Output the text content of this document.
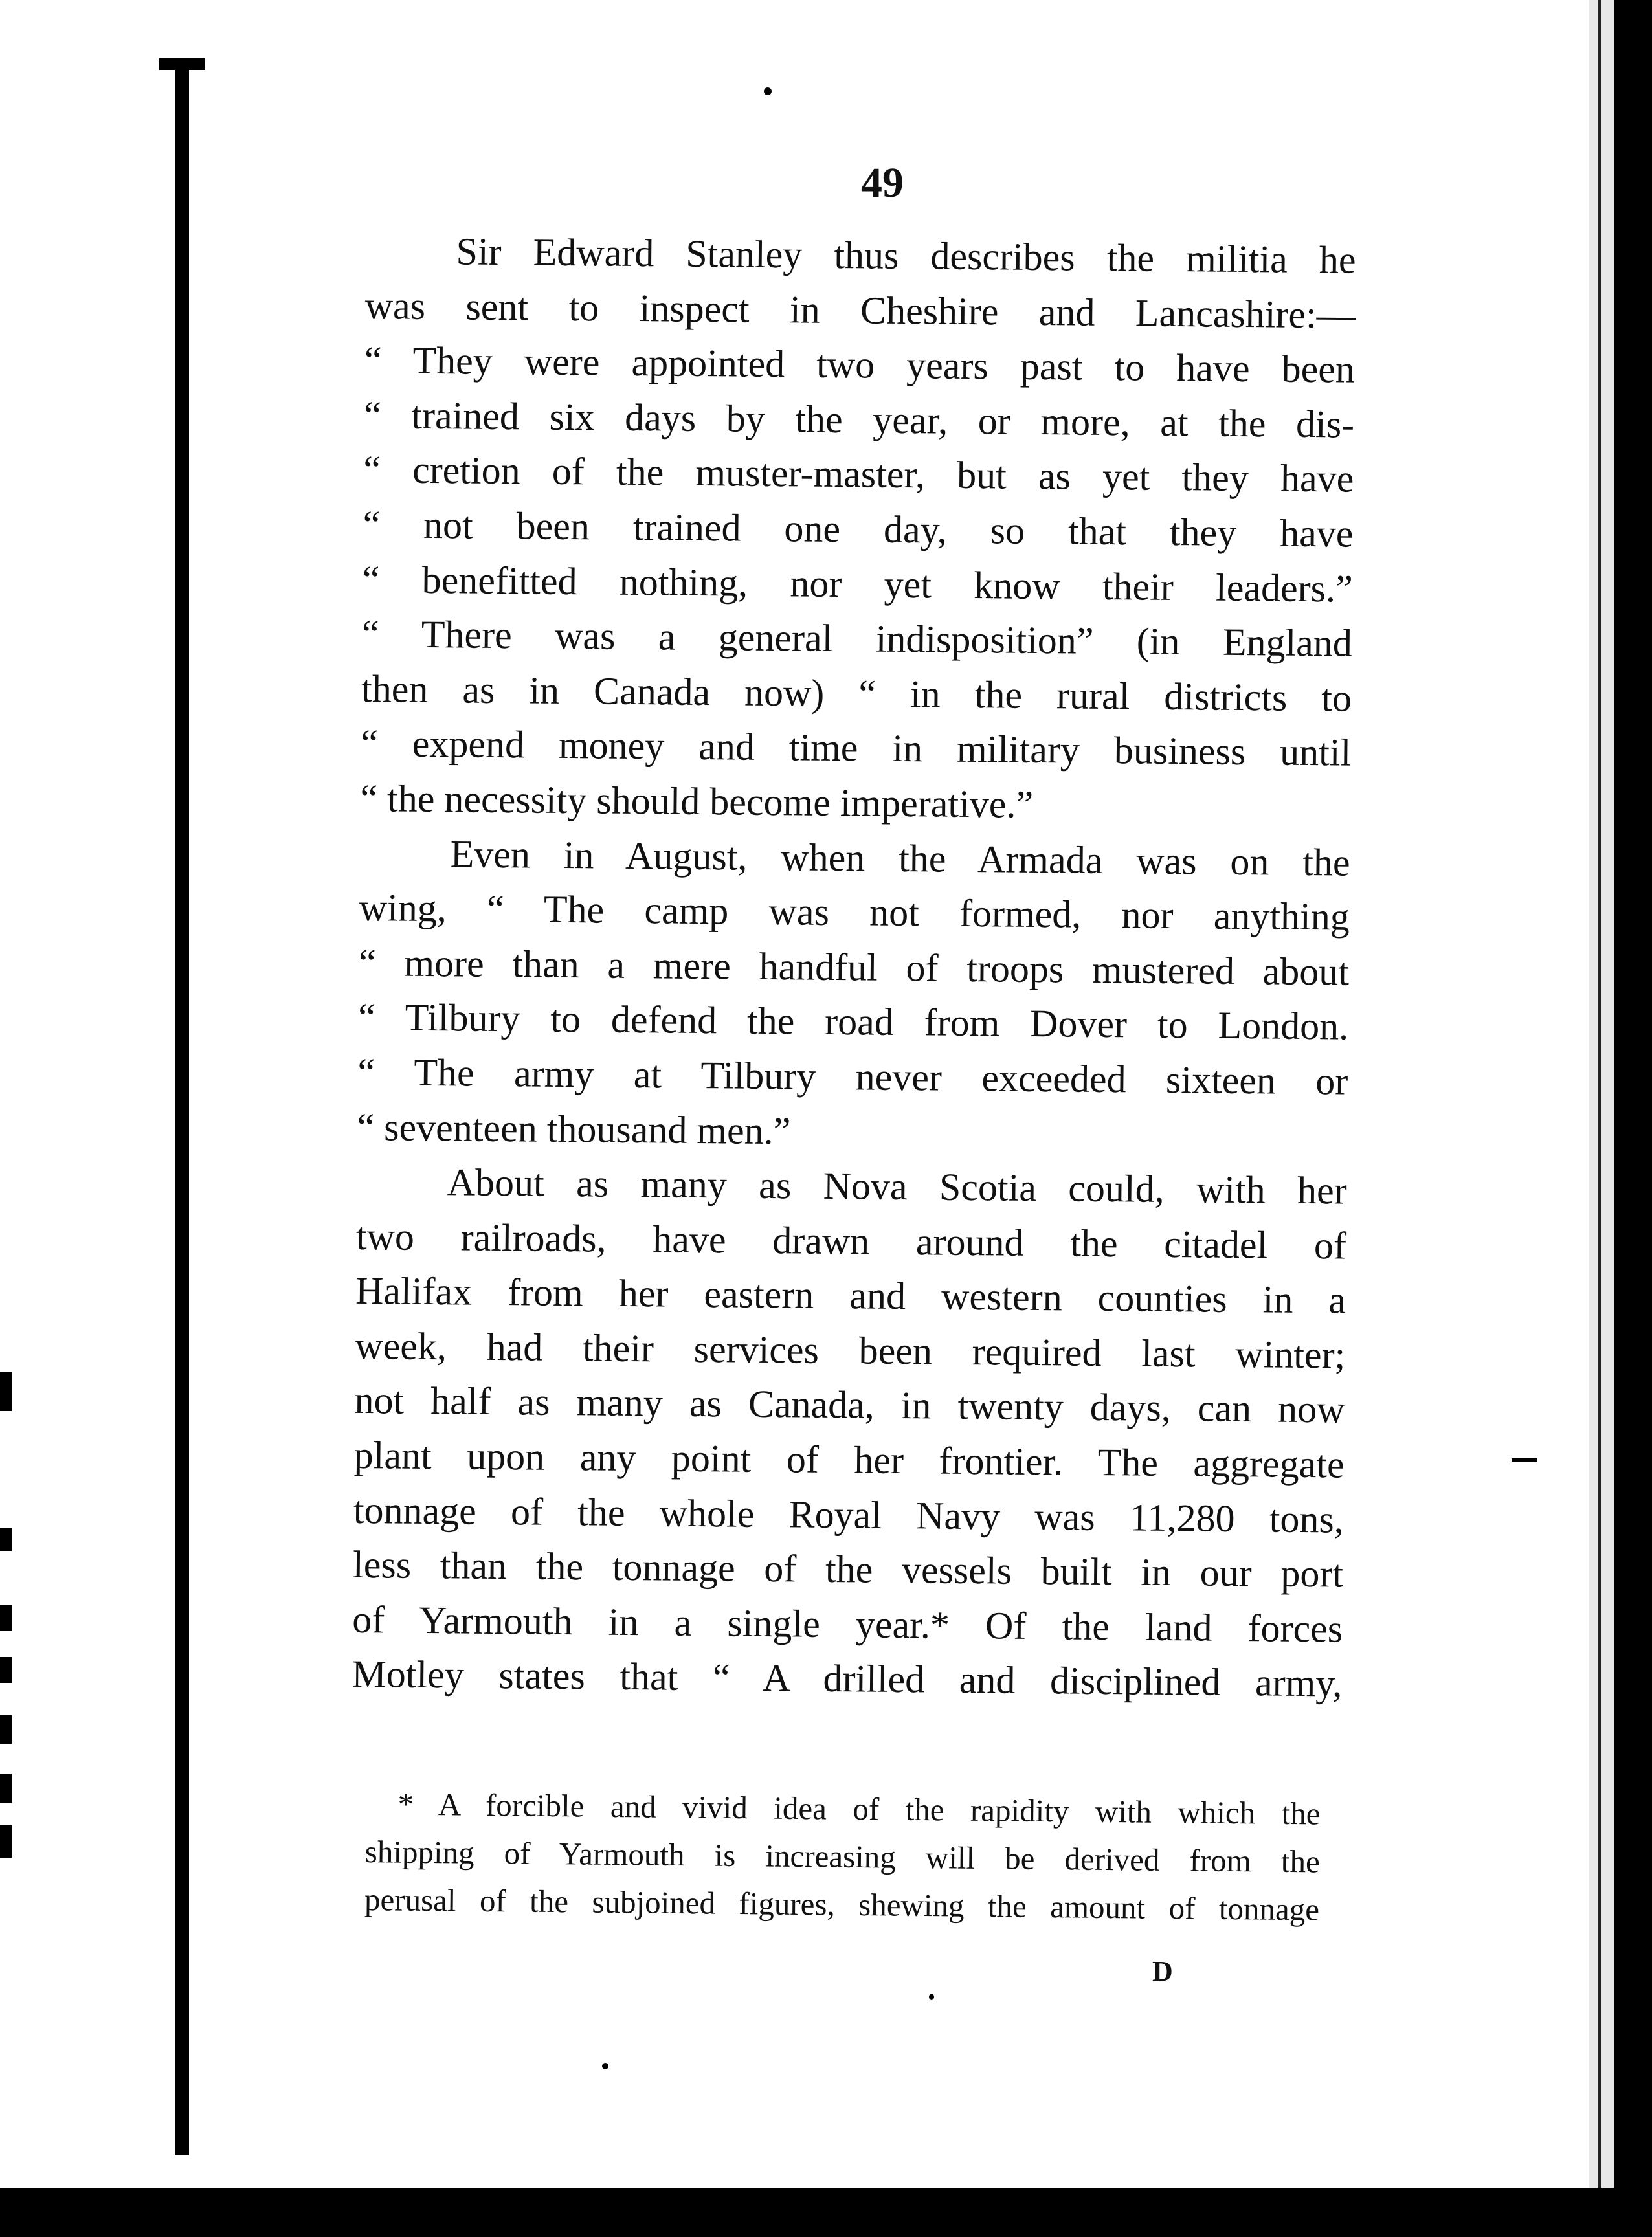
49
Sir Edward Stanley thus describes the militia he
was sent to inspect in Cheshire and Lancashire:—
“ They were appointed two years past to have been
“ trained six days by the year, or more, at the dis-
“ cretion of the muster-master, but as yet they have
“ not been trained one day, so that they have
“ benefitted nothing, nor yet know their leaders.”
“ There was a general indisposition” (in England
then as in Canada now) “ in the rural districts to
“ expend money and time in military business until
“ the necessity should become imperative.”
Even in August, when the Armada was on the
wing, “ The camp was not formed, nor anything
“ more than a mere handful of troops mustered about
“ Tilbury to defend the road from Dover to London.
“ The army at Tilbury never exceeded sixteen or
“ seventeen thousand men.”
About as many as Nova Scotia could, with her
two railroads, have drawn around the citadel of
Halifax from her eastern and western counties in a
week, had their services been required last winter;
not half as many as Canada, in twenty days, can now
plant upon any point of her frontier. The aggregate
tonnage of the whole Royal Navy was 11,280 tons,
less than the tonnage of the vessels built in our port
of Yarmouth in a single year.* Of the land forces
Motley states that “ A drilled and disciplined army,
* A forcible and vivid idea of the rapidity with which the
shipping of Yarmouth is increasing will be derived from the
perusal of the subjoined figures, shewing the amount of tonnage
D
